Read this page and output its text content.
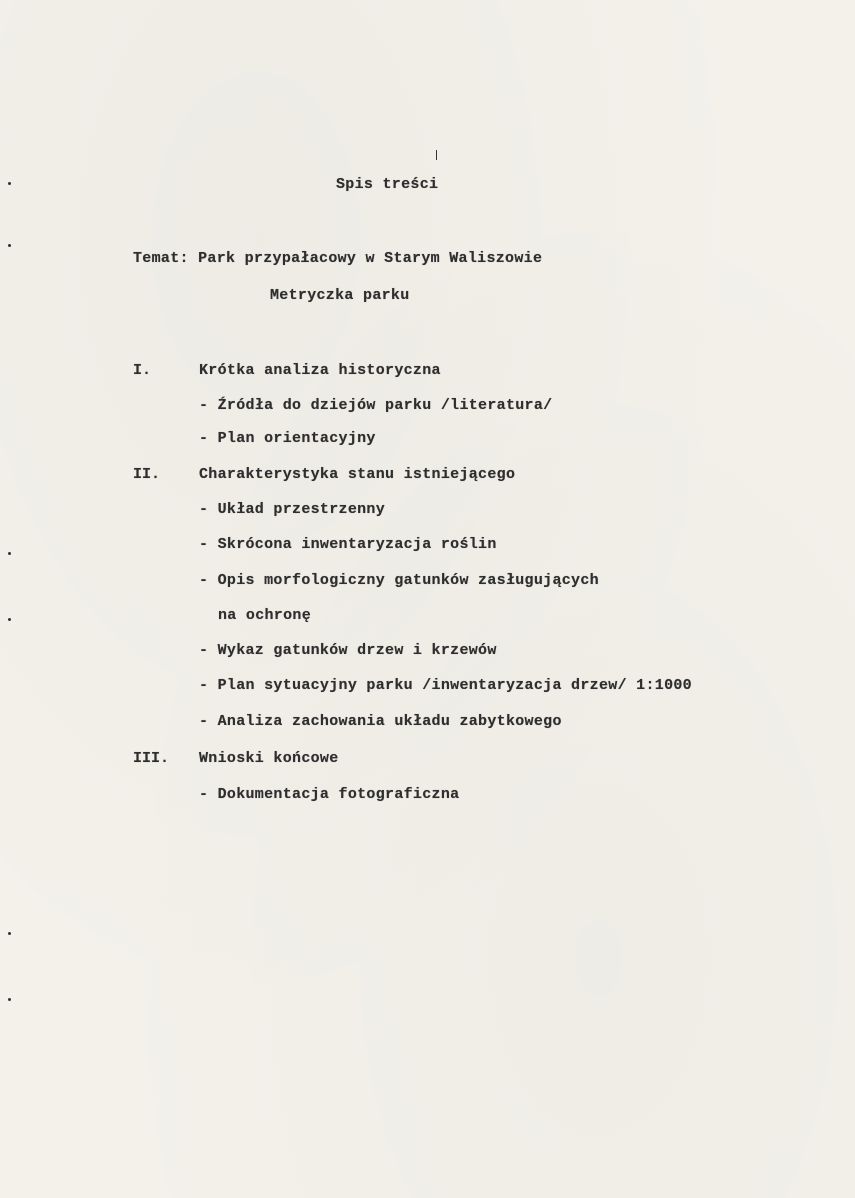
Spis treści
Temat: Park przypałacowy w Starym Waliszowie
Metryczka parku
I.	Krótka analiza historyczna
- Źródła do dziejów parku /literatura/
- Plan orientacyjny
II.	Charakterystyka stanu istniejącego
- Układ przestrzenny
- Skrócona inwentaryzacja roślin
- Opis morfologiczny gatunków zasługujących
na ochronę
- Wykaz gatunków drzew i krzewów
- Plan sytuacyjny parku /inwentaryzacja drzew/ 1:1000
- Analiza zachowania układu zabytkowego
III. Wnioski końcowe
- Dokumentacja fotograficzna
